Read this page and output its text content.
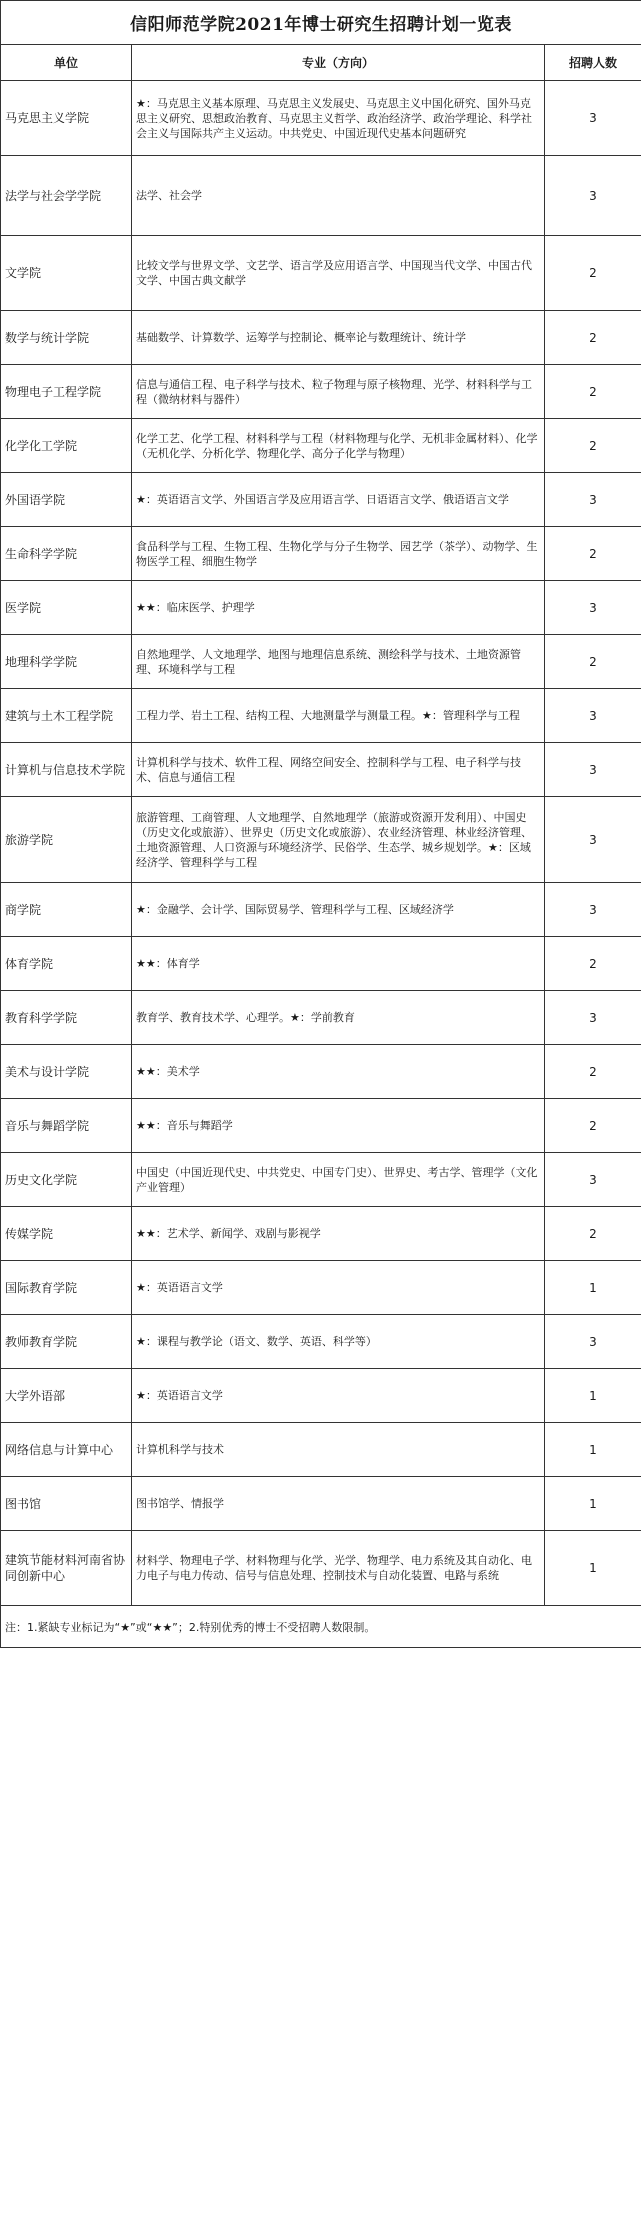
信阳师范学院2021年博士研究生招聘计划一览表		
单位	专业（方向）	招聘人数
马克思主义学院	★：马克思主义基本原理、马克思主义发展史、马克思主义中国化研究、国外马克思主义研究、思想政治教育、马克思主义哲学、政治经济学、政治学理论、科学社会主义与国际共产主义运动。中共党史、中国近现代史基本问题研究	3
法学与社会学学院	法学、社会学	3
文学院	比较文学与世界文学、文艺学、语言学及应用语言学、中国现当代文学、中国古代文学、中国古典文献学	2
数学与统计学院	基础数学、计算数学、运筹学与控制论、概率论与数理统计、统计学	2
物理电子工程学院	信息与通信工程、电子科学与技术、粒子物理与原子核物理、光学、材料科学与工程（微纳材料与器件）	2
化学化工学院	化学工艺、化学工程、材料科学与工程（材料物理与化学、无机非金属材料）、化学（无机化学、分析化学、物理化学、高分子化学与物理）	2
外国语学院	★：英语语言文学、外国语言学及应用语言学、日语语言文学、俄语语言文学	3
生命科学学院	食品科学与工程、生物工程、生物化学与分子生物学、园艺学（茶学）、动物学、生物医学工程、细胞生物学	2
医学院	★★：临床医学、护理学	3
地理科学学院	自然地理学、人文地理学、地图与地理信息系统、测绘科学与技术、土地资源管理、环境科学与工程	2
建筑与土木工程学院	工程力学、岩土工程、结构工程、大地测量学与测量工程。★：管理科学与工程	3
计算机与信息技术学院	计算机科学与技术、软件工程、网络空间安全、控制科学与工程、电子科学与技术、信息与通信工程	3
旅游学院	旅游管理、工商管理、人文地理学、自然地理学（旅游或资源开发利用）、中国史（历史文化或旅游）、世界史（历史文化或旅游）、农业经济管理、林业经济管理、土地资源管理、人口资源与环境经济学、民俗学、生态学、城乡规划学。★：区域经济学、管理科学与工程	3
商学院	★：金融学、会计学、国际贸易学、管理科学与工程、区域经济学	3
体育学院	★★：体育学	2
教育科学学院	教育学、教育技术学、心理学。★：学前教育	3
美术与设计学院	★★：美术学	2
音乐与舞蹈学院	★★：音乐与舞蹈学	2
历史文化学院	中国史（中国近现代史、中共党史、中国专门史）、世界史、考古学、管理学（文化产业管理）	3
传媒学院	★★：艺术学、新闻学、戏剧与影视学	2
国际教育学院	★：英语语言文学	1
教师教育学院	★：课程与教学论（语文、数学、英语、科学等）	3
大学外语部	★：英语语言文学	1
网络信息与计算中心	计算机科学与技术	1
图书馆	图书馆学、情报学	1
建筑节能材料河南省协同创新中心	材料学、物理电子学、材料物理与化学、光学、物理学、电力系统及其自动化、电力电子与电力传动、信号与信息处理、控制技术与自动化装置、电路与系统	1
注：1.紧缺专业标记为“★”或“★★”；2.特别优秀的博士不受招聘人数限制。		
